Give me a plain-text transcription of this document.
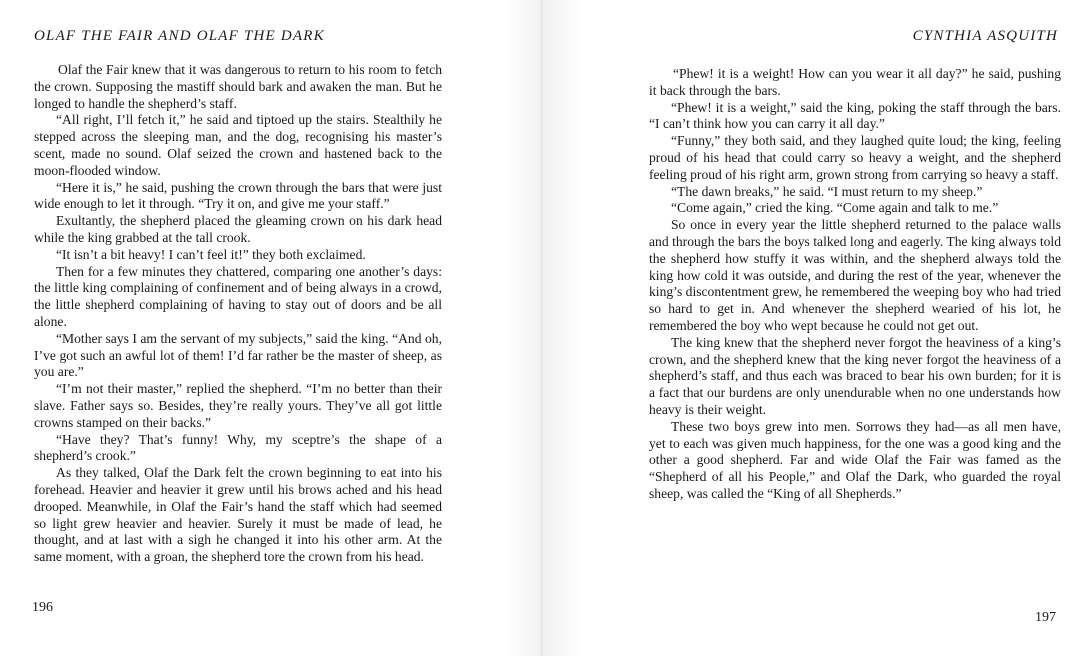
OLAF THE FAIR AND OLAF THE DARK

Olaf the Fair knew that it was dangerous to return to his room to fetch the crown. Supposing the mastiff should bark and awaken the man. But he longed to handle the shepherd’s staff.

“All right, I’ll fetch it,” he said and tiptoed up the stairs. Stealthily he stepped across the sleeping man, and the dog, recognising his master’s scent, made no sound. Olaf seized the crown and hastened back to the moon-flooded window.

“Here it is,” he said, pushing the crown through the bars that were just wide enough to let it through. “Try it on, and give me your staff.”

Exultantly, the shepherd placed the gleaming crown on his dark head while the king grabbed at the tall crook.

“It isn’t a bit heavy! I can’t feel it!” they both exclaimed.

Then for a few minutes they chattered, comparing one another’s days: the little king complaining of confinement and of being always in a crowd, the little shepherd complaining of having to stay out of doors and be all alone.

“Mother says I am the servant of my subjects,” said the king. “And oh, I’ve got such an awful lot of them! I’d far rather be the master of sheep, as you are.”

“I’m not their master,” replied the shepherd. “I’m no better than their slave. Father says so. Besides, they’re really yours. They’ve all got little crowns stamped on their backs.”

“Have they? That’s funny! Why, my sceptre’s the shape of a shepherd’s crook.”

As they talked, Olaf the Dark felt the crown beginning to eat into his forehead. Heavier and heavier it grew until his brows ached and his head drooped. Meanwhile, in Olaf the Fair’s hand the staff which had seemed so light grew heavier and heavier. Surely it must be made of lead, he thought, and at last with a sigh he changed it into his other arm. At the same moment, with a groan, the shepherd tore the crown from his head.

196
CYNTHIA ASQUITH

“Phew! it is a weight! How can you wear it all day?” he said, pushing it back through the bars.

“Phew! it is a weight,” said the king, poking the staff through the bars. “I can’t think how you can carry it all day.”

“Funny,” they both said, and they laughed quite loud; the king, feeling proud of his head that could carry so heavy a weight, and the shepherd feeling proud of his right arm, grown strong from carrying so heavy a staff.

“The dawn breaks,” he said. “I must return to my sheep.”

“Come again,” cried the king. “Come again and talk to me.”

So once in every year the little shepherd returned to the palace walls and through the bars the boys talked long and eagerly. The king always told the shepherd how stuffy it was within, and the shepherd always told the king how cold it was outside, and during the rest of the year, whenever the king’s discontentment grew, he remembered the weeping boy who had tried so hard to get in. And whenever the shepherd wearied of his lot, he remembered the boy who wept because he could not get out.

The king knew that the shepherd never forgot the heaviness of a king’s crown, and the shepherd knew that the king never forgot the heaviness of a shepherd’s staff, and thus each was braced to bear his own burden; for it is a fact that our burdens are only unendurable when no one understands how heavy is their weight.

These two boys grew into men. Sorrows they had—as all men have, yet to each was given much happiness, for the one was a good king and the other a good shepherd. Far and wide Olaf the Fair was famed as the “Shepherd of all his People,” and Olaf the Dark, who guarded the royal sheep, was called the “King of all Shepherds.”

197
